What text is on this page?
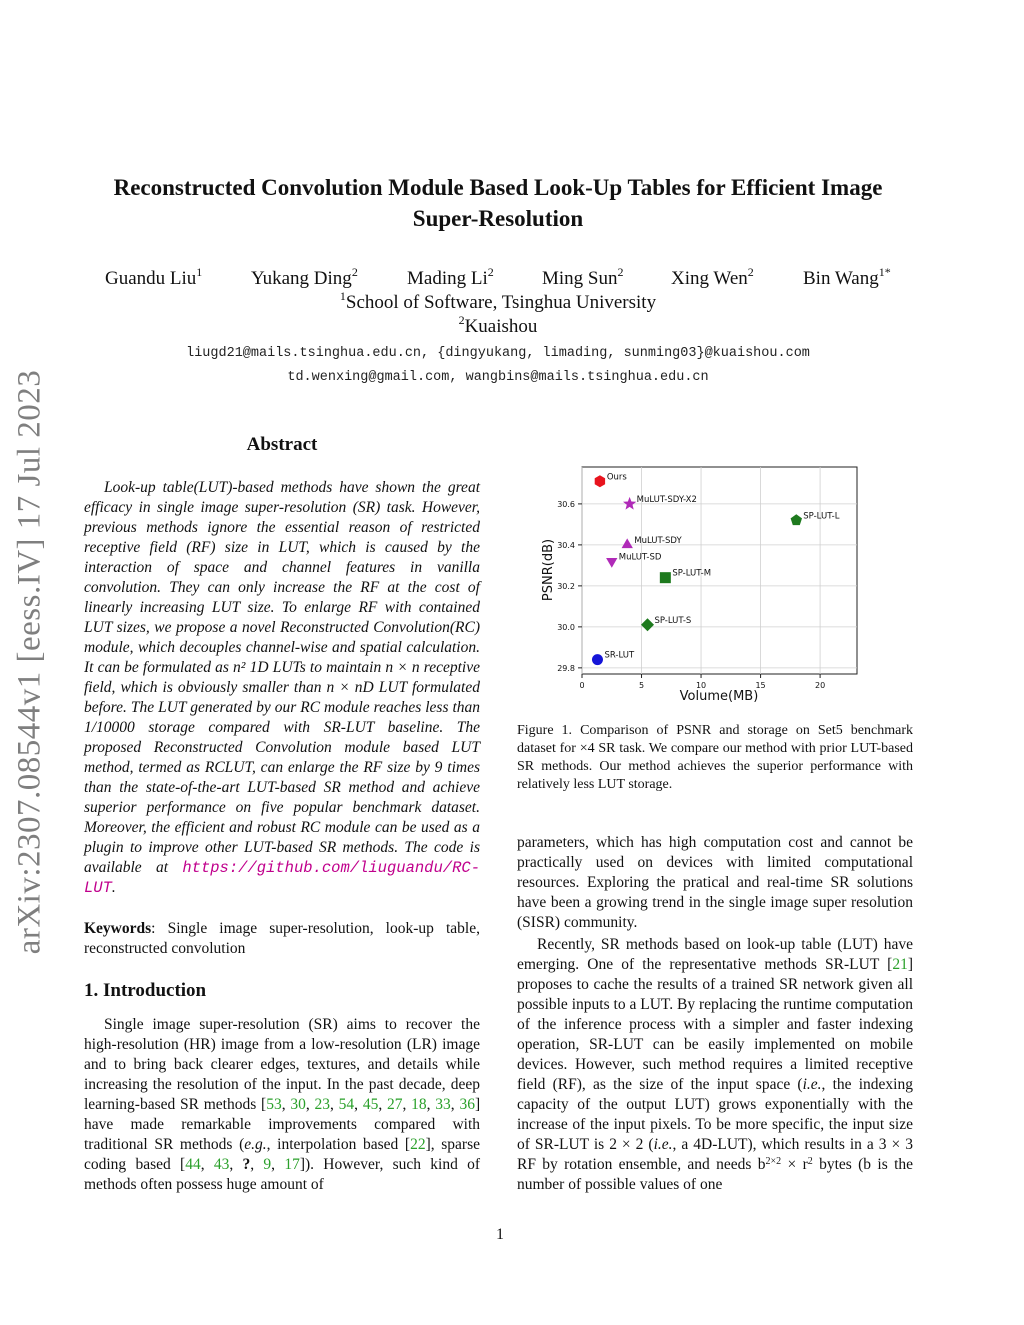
Reconstructed Convolution Module Based Look-Up Tables for Efficient Image
Super-Resolution
Guandu Liu$^1$	Yukang Ding$^2$	Mading Li$^2$	Ming Sun$^2$	Xing Wen$^2$	Bin Wang$^{1*}$
$^1$School of Software, Tsinghua University
$^2$Kuaishou
liugd21@mails.tsinghua.edu.cn, {dingyukang, limading, sunming03}@kuaishou.com
td.wenxing@gmail.com, wangbins@mails.tsinghua.edu.cn
arXiv:2307.08544v1 [eess.IV] 17 Jul 2023	Abstract

Look-up table(LUT)-based methods have shown the great efficacy in single image super-resolution (SR) task. However, previous methods ignore the essential reason of restricted receptive field (RF) size in LUT, which is caused by the interaction of space and channel features in vanilla convolution. They can only increase the RF at the cost of linearly increasing LUT size. To enlarge RF with contained LUT sizes, we propose a novel Reconstructed Convolution(RC) module, which decouples channel-wise and spatial calculation. It can be formulated as n² 1D LUTs to maintain n × n receptive field, which is obviously smaller than n × nD LUT formulated before. The LUT generated by our RC module reaches less than 1/10000 storage compared with SR-LUT baseline. The proposed Reconstructed Convolution module based LUT method, termed as RCLUT, can enlarge the RF size by 9 times than the state-of-the-art LUT-based SR method and achieve superior performance on five popular benchmark dataset. Moreover, the efficient and robust RC module can be used as a plugin to improve other LUT-based SR methods. The code is available at https://github.com/liuguandu/RC-LUT.

Keywords: Single image super-resolution, look-up table, reconstructed convolution

1. Introduction

Single image super-resolution (SR) aims to recover the high-resolution (HR) image from a low-resolution (LR) image and to bring back clearer edges, textures, and details while increasing the resolution of the input. In the past decade, deep learning-based SR methods [53, 30, 23, 54, 45, 27, 18, 33, 36] have made remarkable improvements compared with traditional SR methods (e.g., interpolation based [22], sparse coding based [44, 43, ?, 9, 17]). However, such kind of methods often possess huge amount of

0	5	10	15	20
29.8
30.0
30.2
30.4
30.6
Ours
MuLUT-SDY-X2
SP-LUT-L
MuLUT-SDY
MuLUT-SD
SP-LUT-M
SP-LUT-S
SR-LUT
Volume(MB)
PSNR(dB)
Figure 1. Comparison of PSNR and storage on Set5 benchmark dataset for ×4 SR task. We compare our method with prior LUT-based SR methods. Our method achieves the superior performance with relatively less LUT storage.

parameters, which has high computation cost and cannot be practically used on devices with limited computational resources. Exploring the pratical and real-time SR solutions have been a growing trend in the single image super resolution (SISR) community.

Recently, SR methods based on look-up table (LUT) have emerging. One of the representative methods SR-LUT [21] proposes to cache the results of a trained SR network given all possible inputs to a LUT. By replacing the runtime computation of the inference process with a simpler and faster indexing operation, SR-LUT can be easily implemented on mobile devices. However, such method requires a limited receptive field (RF), as the size of the input space (i.e., the indexing capacity of the output LUT) grows exponentially with the increase of the input pixels. To be more specific, the input size of SR-LUT is 2 × 2 (i.e., a 4D-LUT), which results in a 3 × 3 RF by rotation ensemble, and needs $b^{2\times 2} \times r^2$ bytes (b is the number of possible values of one

1
